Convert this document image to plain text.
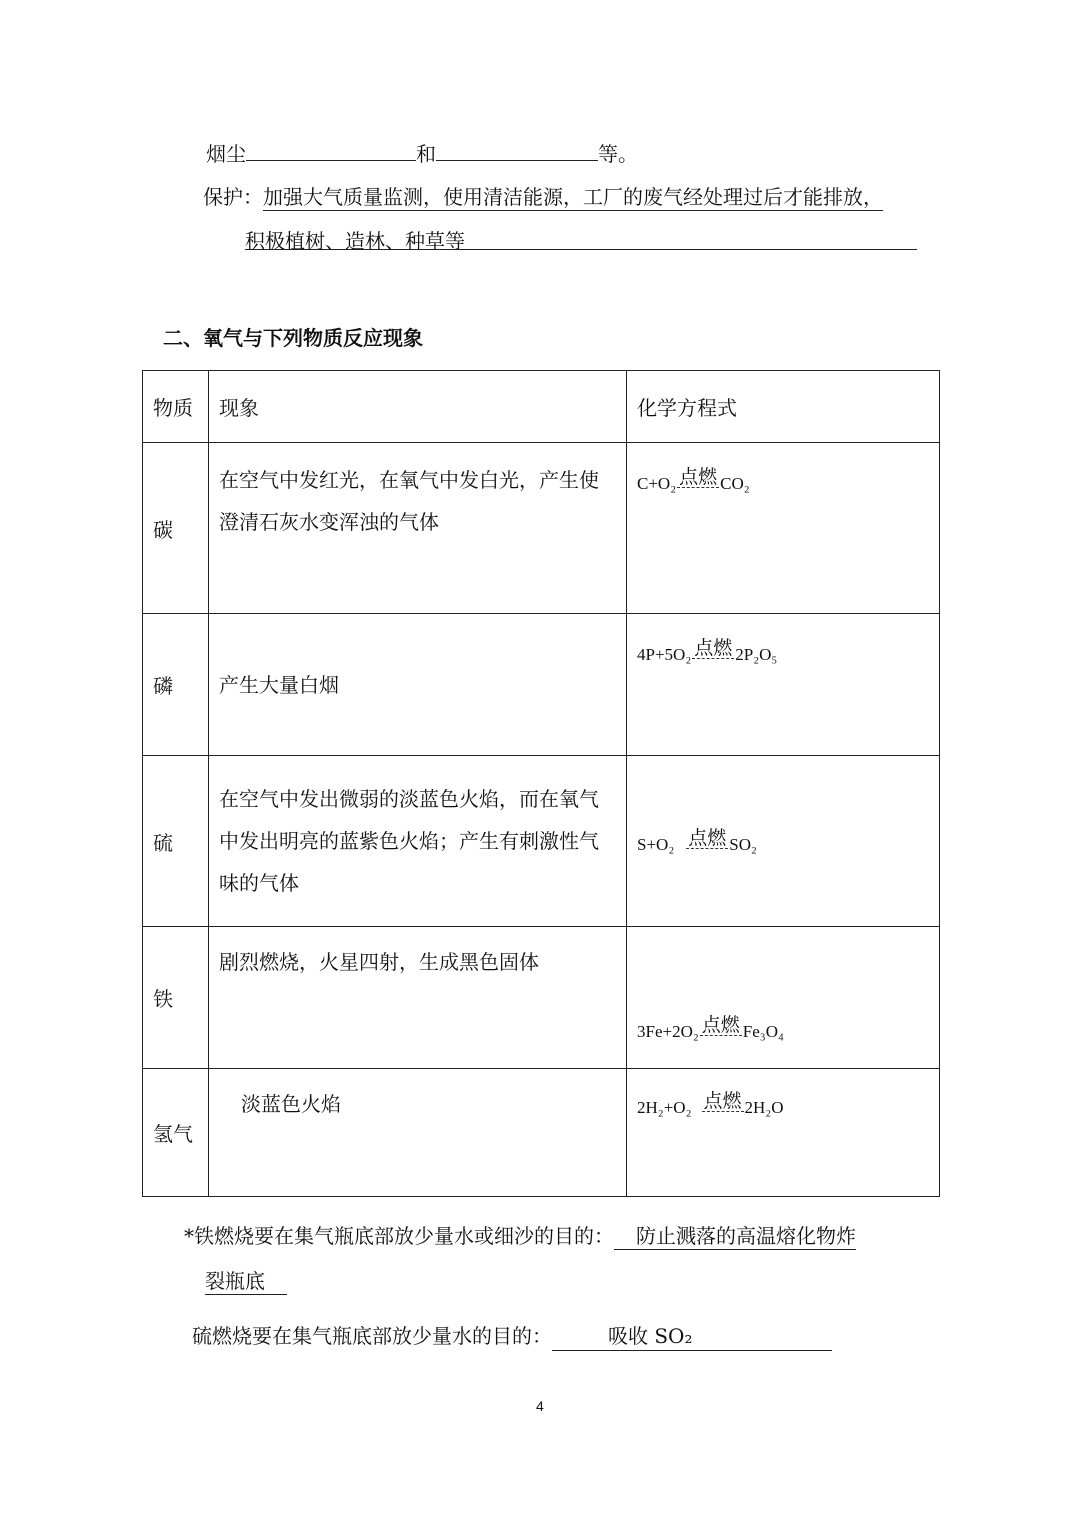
烟尘	和	等。
保护：加强大气质量监测，使用清洁能源，工厂的废气经处理过后才能排放，
积极植树、造林、种草等
二、氧气与下列物质反应现象
物质	现象	化学方程式
碳	在空气中发红光，在氧气中发白光，产生使澄清石灰水变浑浊的气体	C+O₂ 点燃 CO₂

磷	产生大量白烟	4P+5O₂ 点燃 2P₂O₅

硫	在空气中发出微弱的淡蓝色火焰，而在氧气中发出明亮的蓝紫色火焰；产生有刺激性气味的气体	S+O₂ 点燃 SO₂

铁	剧烈燃烧，火星四射，生成黑色固体	3Fe+2O₂ 点燃 Fe₃O₄

氢气	淡蓝色火焰	2H₂+O₂ 点燃 2H₂O
*铁燃烧要在集气瓶底部放少量水或细沙的目的： 防止溅落的高温熔化物炸
裂瓶底
硫燃烧要在集气瓶底部放少量水的目的：	吸收 SO₂
4
